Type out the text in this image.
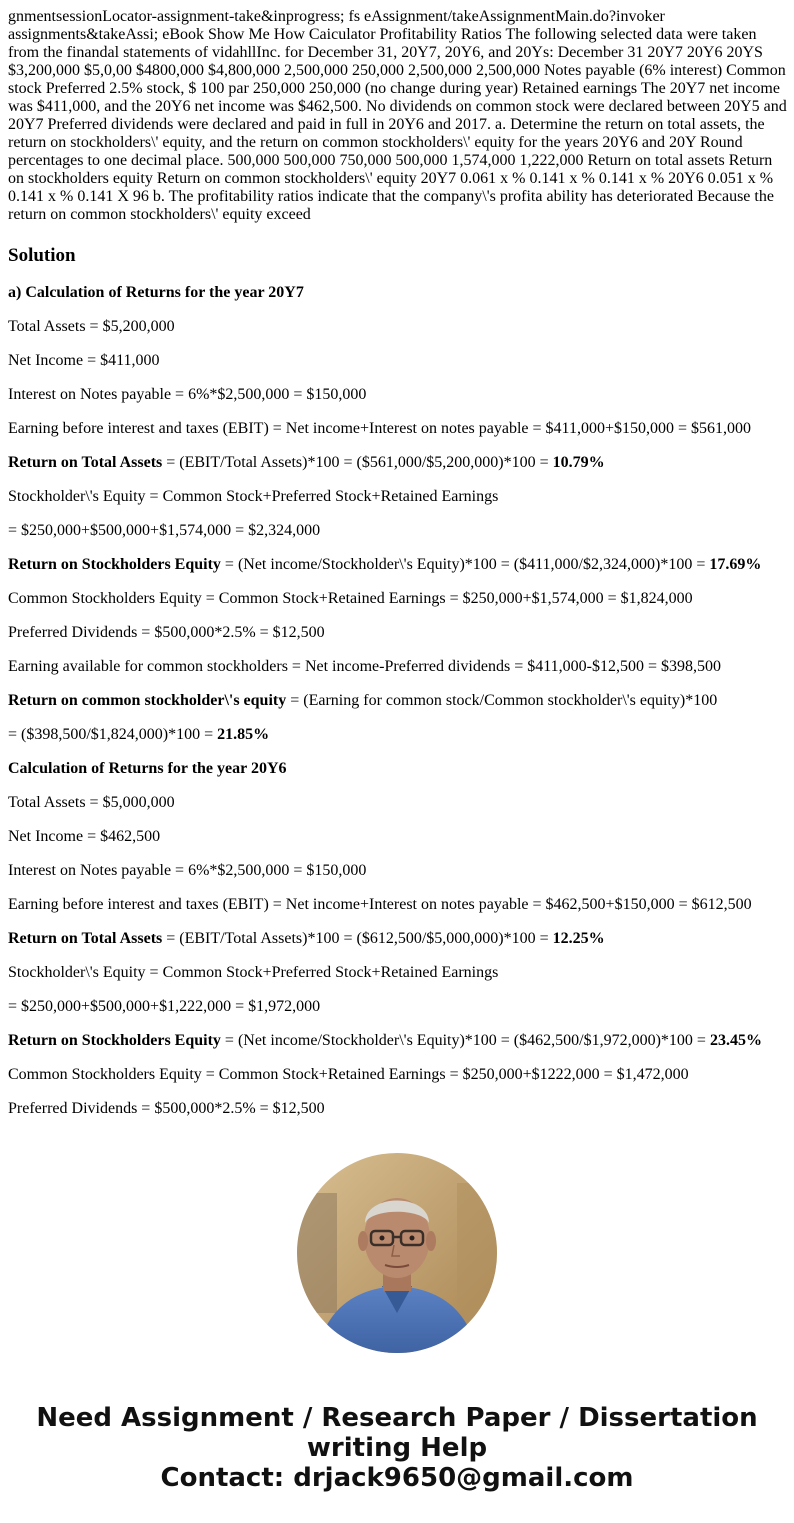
gnmentsessionLocator-assignment-take&inprogress; fs eAssignment/takeAssignmentMain.do?invoker assignments&takeAssi; eBook Show Me How Caiculator Profitability Ratios The following selected data were taken from the finandal statements of vidahllInc. for December 31, 20Y7, 20Y6, and 20Ys: December 31 20Y7 20Y6 20YS $3,200,000 $5,0,00 $4800,000 $4,800,000 2,500,000 250,000 2,500,000 2,500,000 Notes payable (6% interest) Common stock Preferred 2.5% stock, $ 100 par 250,000 250,000 (no change during year) Retained earnings The 20Y7 net income was $411,000, and the 20Y6 net income was $462,500. No dividends on common stock were declared between 20Y5 and 20Y7 Preferred dividends were declared and paid in full in 20Y6 and 2017. a. Determine the return on total assets, the return on stockholders\' equity, and the return on common stockholders\' equity for the years 20Y6 and 20Y Round percentages to one decimal place. 500,000 500,000 750,000 500,000 1,574,000 1,222,000 Return on total assets Return on stockholders equity Return on common stockholders\' equity 20Y7 0.061 x % 0.141 x % 0.141 x % 20Y6 0.051 x % 0.141 x % 0.141 X 96 b. The profitability ratios indicate that the company\'s profita ability has deteriorated Because the return on common stockholders\' equity exceed

Solution

a) Calculation of Returns for the year 20Y7

Total Assets = $5,200,000

Net Income = $411,000

Interest on Notes payable = 6%*$2,500,000 = $150,000

Earning before interest and taxes (EBIT) = Net income+Interest on notes payable = $411,000+$150,000 = $561,000

Return on Total Assets = (EBIT/Total Assets)*100 = ($561,000/$5,200,000)*100 = 10.79%

Stockholder\'s Equity = Common Stock+Preferred Stock+Retained Earnings

= $250,000+$500,000+$1,574,000 = $2,324,000

Return on Stockholders Equity = (Net income/Stockholder\'s Equity)*100 = ($411,000/$2,324,000)*100 = 17.69%

Common Stockholders Equity = Common Stock+Retained Earnings = $250,000+$1,574,000 = $1,824,000

Preferred Dividends = $500,000*2.5% = $12,500

Earning available for common stockholders = Net income-Preferred dividends = $411,000-$12,500 = $398,500

Return on common stockholder\'s equity = (Earning for common stock/Common stockholder\'s equity)*100

= ($398,500/$1,824,000)*100 = 21.85%

Calculation of Returns for the year 20Y6

Total Assets = $5,000,000

Net Income = $462,500

Interest on Notes payable = 6%*$2,500,000 = $150,000

Earning before interest and taxes (EBIT) = Net income+Interest on notes payable = $462,500+$150,000 = $612,500

Return on Total Assets = (EBIT/Total Assets)*100 = ($612,500/$5,000,000)*100 = 12.25%

Stockholder\'s Equity = Common Stock+Preferred Stock+Retained Earnings

= $250,000+$500,000+$1,222,000 = $1,972,000

Return on Stockholders Equity = (Net income/Stockholder\'s Equity)*100 = ($462,500/$1,972,000)*100 = 23.45%

Common Stockholders Equity = Common Stock+Retained Earnings = $250,000+$1222,000 = $1,472,000

Preferred Dividends = $500,000*2.5% = $12,500

Need Assignment / Research Paper / Dissertation
writing Help
Contact: drjack9650@gmail.com
